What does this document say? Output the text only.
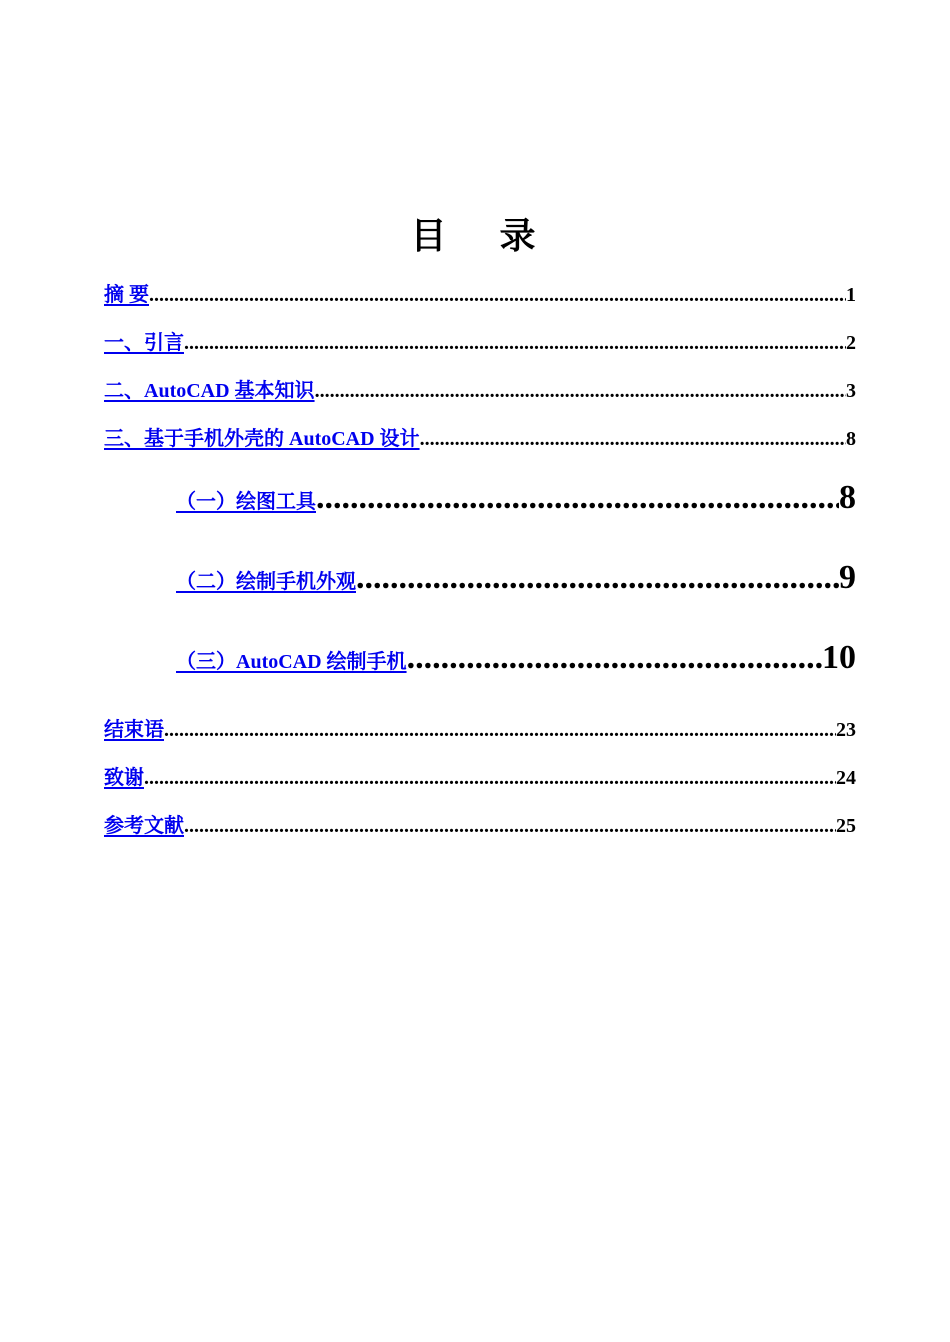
目 录
摘 要 .....	1
一、引言 .....	2
二、AutoCAD 基本知识 .....	3
三、基于手机外壳的 AutoCAD 设计 .....	8
（一）绘图工具 .....	8
（二）绘制手机外观 .....	9
（三）AutoCAD 绘制手机 .....	10
结束语 .....	23
致谢 .....	24
参考文献 .....	25
